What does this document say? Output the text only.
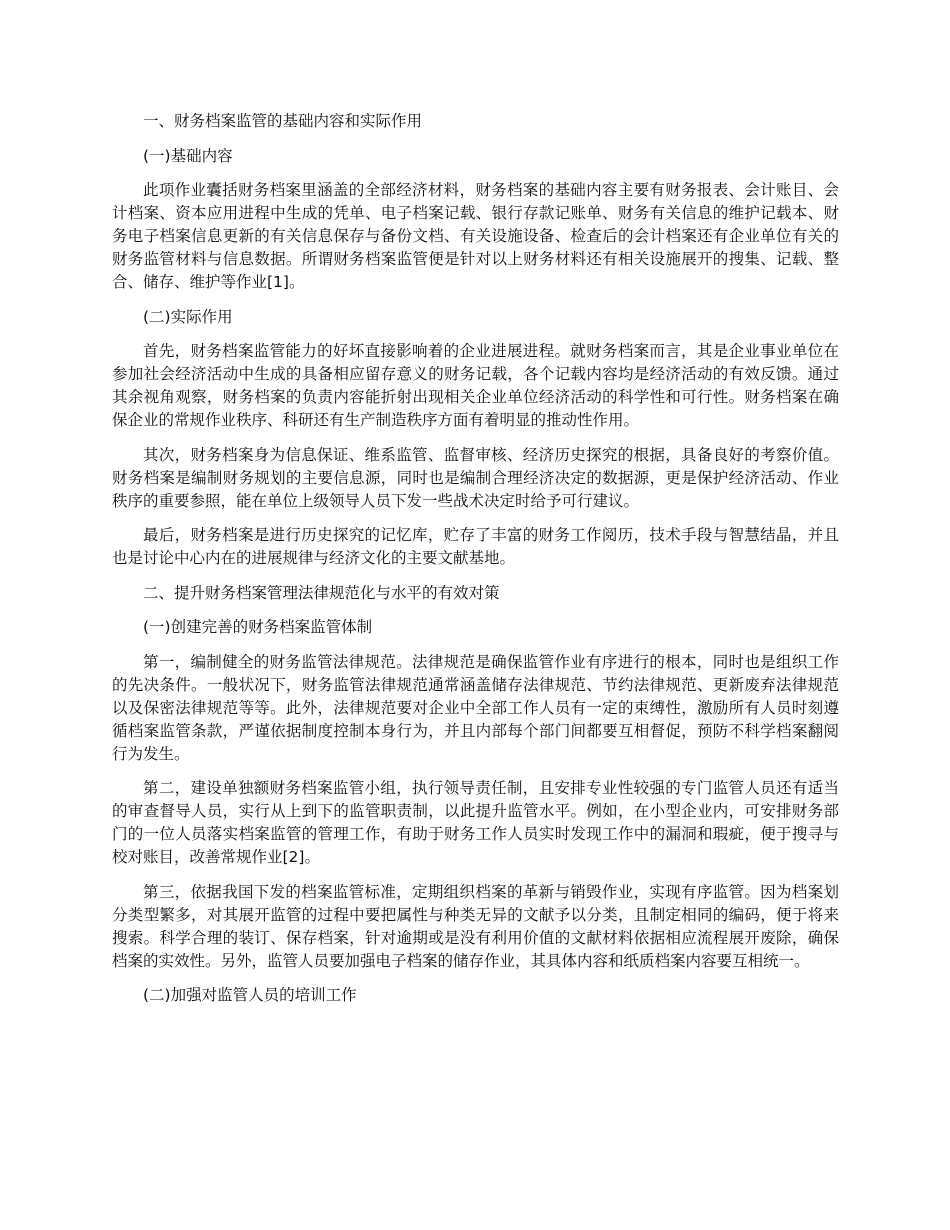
一、财务档案监管的基础内容和实际作用

(一)基础内容

此项作业囊括财务档案里涵盖的全部经济材料，财务档案的基础内容主要有财务报表、会计账目、会计档案、资本应用进程中生成的凭单、电子档案记载、银行存款记账单、财务有关信息的维护记载本、财务电子档案信息更新的有关信息保存与备份文档、有关设施设备、检查后的会计档案还有企业单位有关的财务监管材料与信息数据。所谓财务档案监管便是针对以上财务材料还有相关设施展开的搜集、记载、整合、储存、维护等作业[1]。

(二)实际作用

首先，财务档案监管能力的好坏直接影响着的企业进展进程。就财务档案而言，其是企业事业单位在参加社会经济活动中生成的具备相应留存意义的财务记载，各个记载内容均是经济活动的有效反馈。通过其余视角观察，财务档案的负责内容能折射出现相关企业单位经济活动的科学性和可行性。财务档案在确保企业的常规作业秩序、科研还有生产制造秩序方面有着明显的推动性作用。

其次，财务档案身为信息保证、维系监管、监督审核、经济历史探究的根据，具备良好的考察价值。财务档案是编制财务规划的主要信息源，同时也是编制合理经济决定的数据源，更是保护经济活动、作业秩序的重要参照，能在单位上级领导人员下发一些战术决定时给予可行建议。

最后，财务档案是进行历史探究的记忆库，贮存了丰富的财务工作阅历，技术手段与智慧结晶，并且也是讨论中心内在的进展规律与经济文化的主要文献基地。

二、提升财务档案管理法律规范化与水平的有效对策

(一)创建完善的财务档案监管体制

第一，编制健全的财务监管法律规范。法律规范是确保监管作业有序进行的根本，同时也是组织工作的先决条件。一般状况下，财务监管法律规范通常涵盖储存法律规范、节约法律规范、更新废弃法律规范以及保密法律规范等等。此外，法律规范要对企业中全部工作人员有一定的束缚性，激励所有人员时刻遵循档案监管条款，严谨依据制度控制本身行为，并且内部每个部门间都要互相督促，预防不科学档案翻阅行为发生。

第二，建设单独额财务档案监管小组，执行领导责任制，且安排专业性较强的专门监管人员还有适当的审查督导人员，实行从上到下的监管职责制，以此提升监管水平。例如，在小型企业内，可安排财务部门的一位人员落实档案监管的管理工作，有助于财务工作人员实时发现工作中的漏洞和瑕疵，便于搜寻与校对账目，改善常规作业[2]。

第三，依据我国下发的档案监管标准，定期组织档案的革新与销毁作业，实现有序监管。因为档案划分类型繁多，对其展开监管的过程中要把属性与种类无异的文献予以分类，且制定相同的编码，便于将来搜索。科学合理的装订、保存档案，针对逾期或是没有利用价值的文献材料依据相应流程展开废除，确保档案的实效性。另外，监管人员要加强电子档案的储存作业，其具体内容和纸质档案内容要互相统一。

(二)加强对监管人员的培训工作
